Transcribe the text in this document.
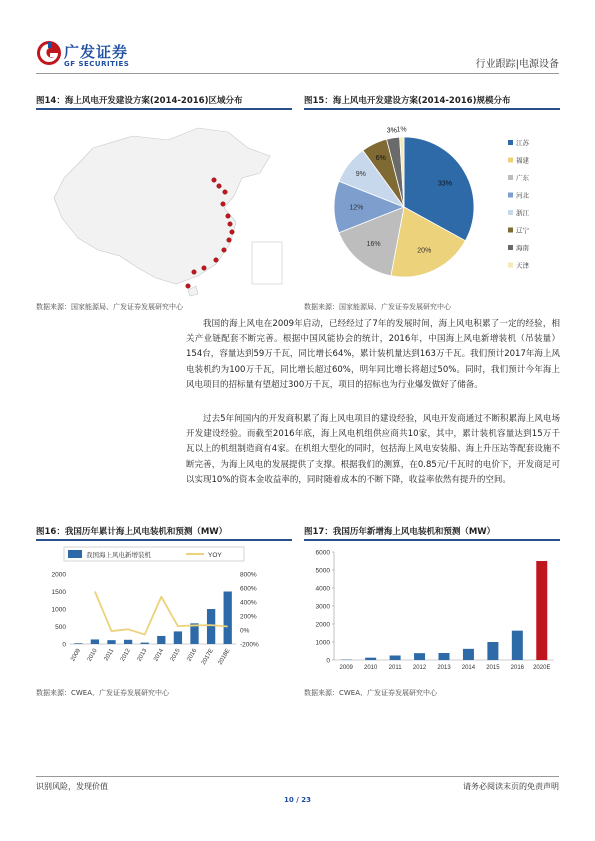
广发证券
GF SECURITIES	行业跟踪|电源设备
图14：海上风电开发建设方案(2014-2016)区域分布
数据来源：国家能源局、广发证券发展研究中心
图15：海上风电开发建设方案(2014-2016)规模分布
33%
20%
16%
12%
9%
6%
3% 1%
江苏
福建
广东
河北
浙江
辽宁
海南
天津
数据来源：国家能源局、广发证券发展研究中心
我国的海上风电在2009年启动，已经经过了7年的发展时间，海上风电积累了一定的经验，相关产业链配套不断完善。根据中国风能协会的统计，2016年，中国海上风电新增装机（吊装量）154台，容量达到59万千瓦，同比增长64%，累计装机量达到163万千瓦。我们预计2017年海上风电装机约为100万千瓦，同比增长超过60%，明年同比增长将超过50%。同时，我们预计今年海上风电项目的招标量有望超过300万千瓦，项目的招标也为行业爆发做好了储备。
过去5年间国内的开发商积累了海上风电项目的建设经验，风电开发商通过不断积累海上风电场开发建设经验。而截至2016年底，海上风电机组供应商共10家，其中，累计装机容量达到15万千瓦以上的机组制造商有4家。在机组大型化的同时，包括海上风电安装船、海上升压站等配套设施不断完善，为海上风电的发展提供了支撑。根据我们的测算，在0.85元/千瓦时的电价下，开发商足可以实现10%的资本金收益率的，同时随着成本的不断下降，收益率依然有提升的空间。
图16：我国历年累计海上风电装机和预测（MW）
我国海上风电新增装机	YOY
0
500
1000
1500
2000
-200%
0%
200%
400%
600%
800%
2009 2010 2011 2012 2013 2014 2015 2016 2017E 2018E
数据来源：CWEA、广发证券发展研究中心
图17：我国历年新增海上风电装机和预测（MW）
0
1000
2000
3000
4000
5000
6000
2009 2010 2011 2012 2013 2014 2015 2016 2020E
数据来源：CWEA、广发证券发展研究中心
识别风险，发现价值	请务必阅读末页的免责声明
10 / 23
